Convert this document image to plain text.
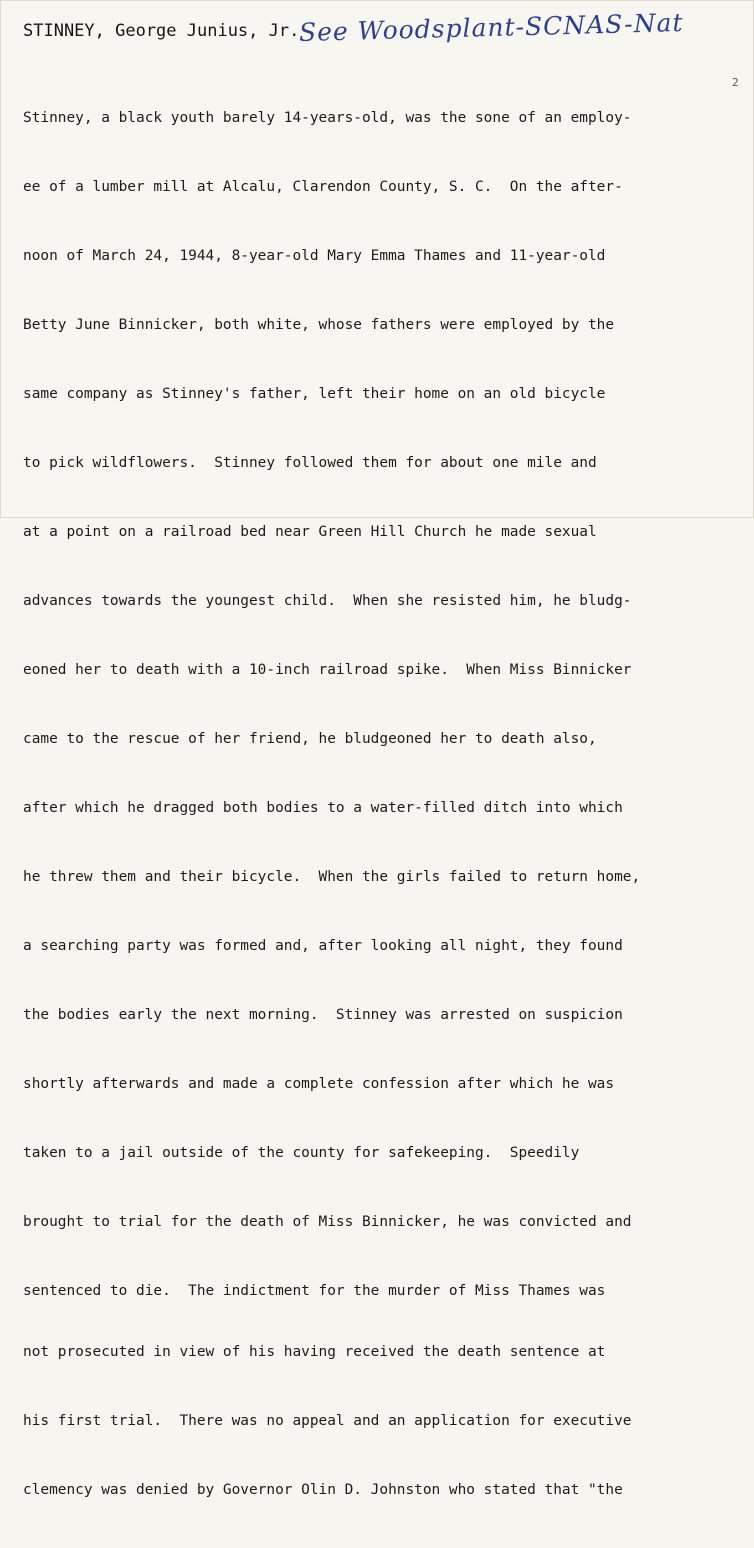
STINNEY, George Junius, Jr. See Woodsplant-SCNAS-Nat
2

Stinney, a black youth barely 14-years-old, was the sone of an employ-

ee of a lumber mill at Alcalu, Clarendon County, S. C.  On the after-

noon of March 24, 1944, 8-year-old Mary Emma Thames and 11-year-old

Betty June Binnicker, both white, whose fathers were employed by the

same company as Stinney's father, left their home on an old bicycle

to pick wildflowers.  Stinney followed them for about one mile and

at a point on a railroad bed near Green Hill Church he made sexual

advances towards the youngest child.  When she resisted him, he bludg-

eoned her to death with a 10-inch railroad spike.  When Miss Binnicker

came to the rescue of her friend, he bludgeoned her to death also,

after which he dragged both bodies to a water-filled ditch into which

he threw them and their bicycle.  When the girls failed to return home,

a searching party was formed and, after looking all night, they found

the bodies early the next morning.  Stinney was arrested on suspicion

shortly afterwards and made a complete confession after which he was

taken to a jail outside of the county for safekeeping.  Speedily

brought to trial for the death of Miss Binnicker, he was convicted and

sentenced to die.  The indictment for the murder of Miss Thames was

not prosecuted in view of his having received the death sentence at

his first trial.  There was no appeal and an application for executive

clemency was denied by Governor Olin D. Johnston who stated that "the
